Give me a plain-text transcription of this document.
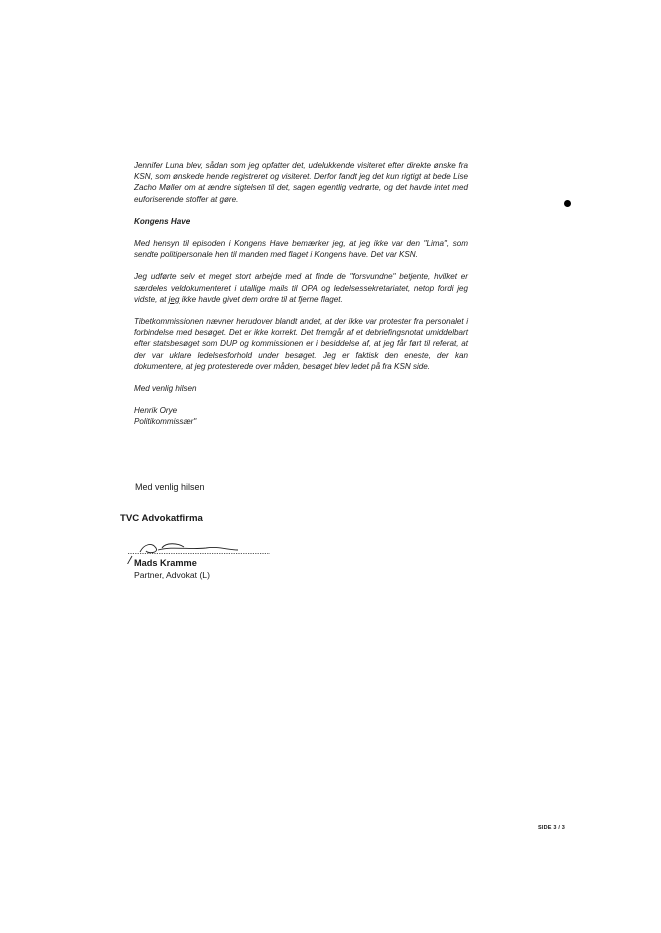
Jennifer Luna blev, sådan som jeg opfatter det, udelukkende visiteret efter direkte ønske fra KSN, som ønskede hende registreret og visiteret. Derfor fandt jeg det kun rigtigt at bede Lise Zacho Møller om at ændre sigtelsen til det, sagen egentlig vedrørte, og det havde intet med euforiserende stoffer at gøre.

Kongens Have

Med hensyn til episoden i Kongens Have bemærker jeg, at jeg ikke var den "Lima", som sendte politipersonale hen til manden med flaget i Kongens have. Det var KSN.

Jeg udførte selv et meget stort arbejde med at finde de "forsvundne" betjente, hvilket er særdeles veldokumenteret i utallige mails til OPA og ledelsessekretariatet, netop fordi jeg vidste, at jeg ikke havde givet dem ordre til at fjerne flaget.

Tibetkommissionen nævner herudover blandt andet, at der ikke var protester fra personalet i forbindelse med besøget. Det er ikke korrekt. Det fremgår af et debriefingsnotat umiddelbart efter statsbesøget som DUP og kommissionen er i besiddelse af, at jeg får ført til referat, at der var uklare ledelsesforhold under besøget. Jeg er faktisk den eneste, der kan dokumentere, at jeg protesterede over måden, besøget blev ledet på fra KSN side.

Med venlig hilsen

Henrik Orye

Politikommissær"

Med venlig hilsen
TVC Advokatfirma
Mads Kramme
Partner, Advokat (L)
SIDE 3 / 3
